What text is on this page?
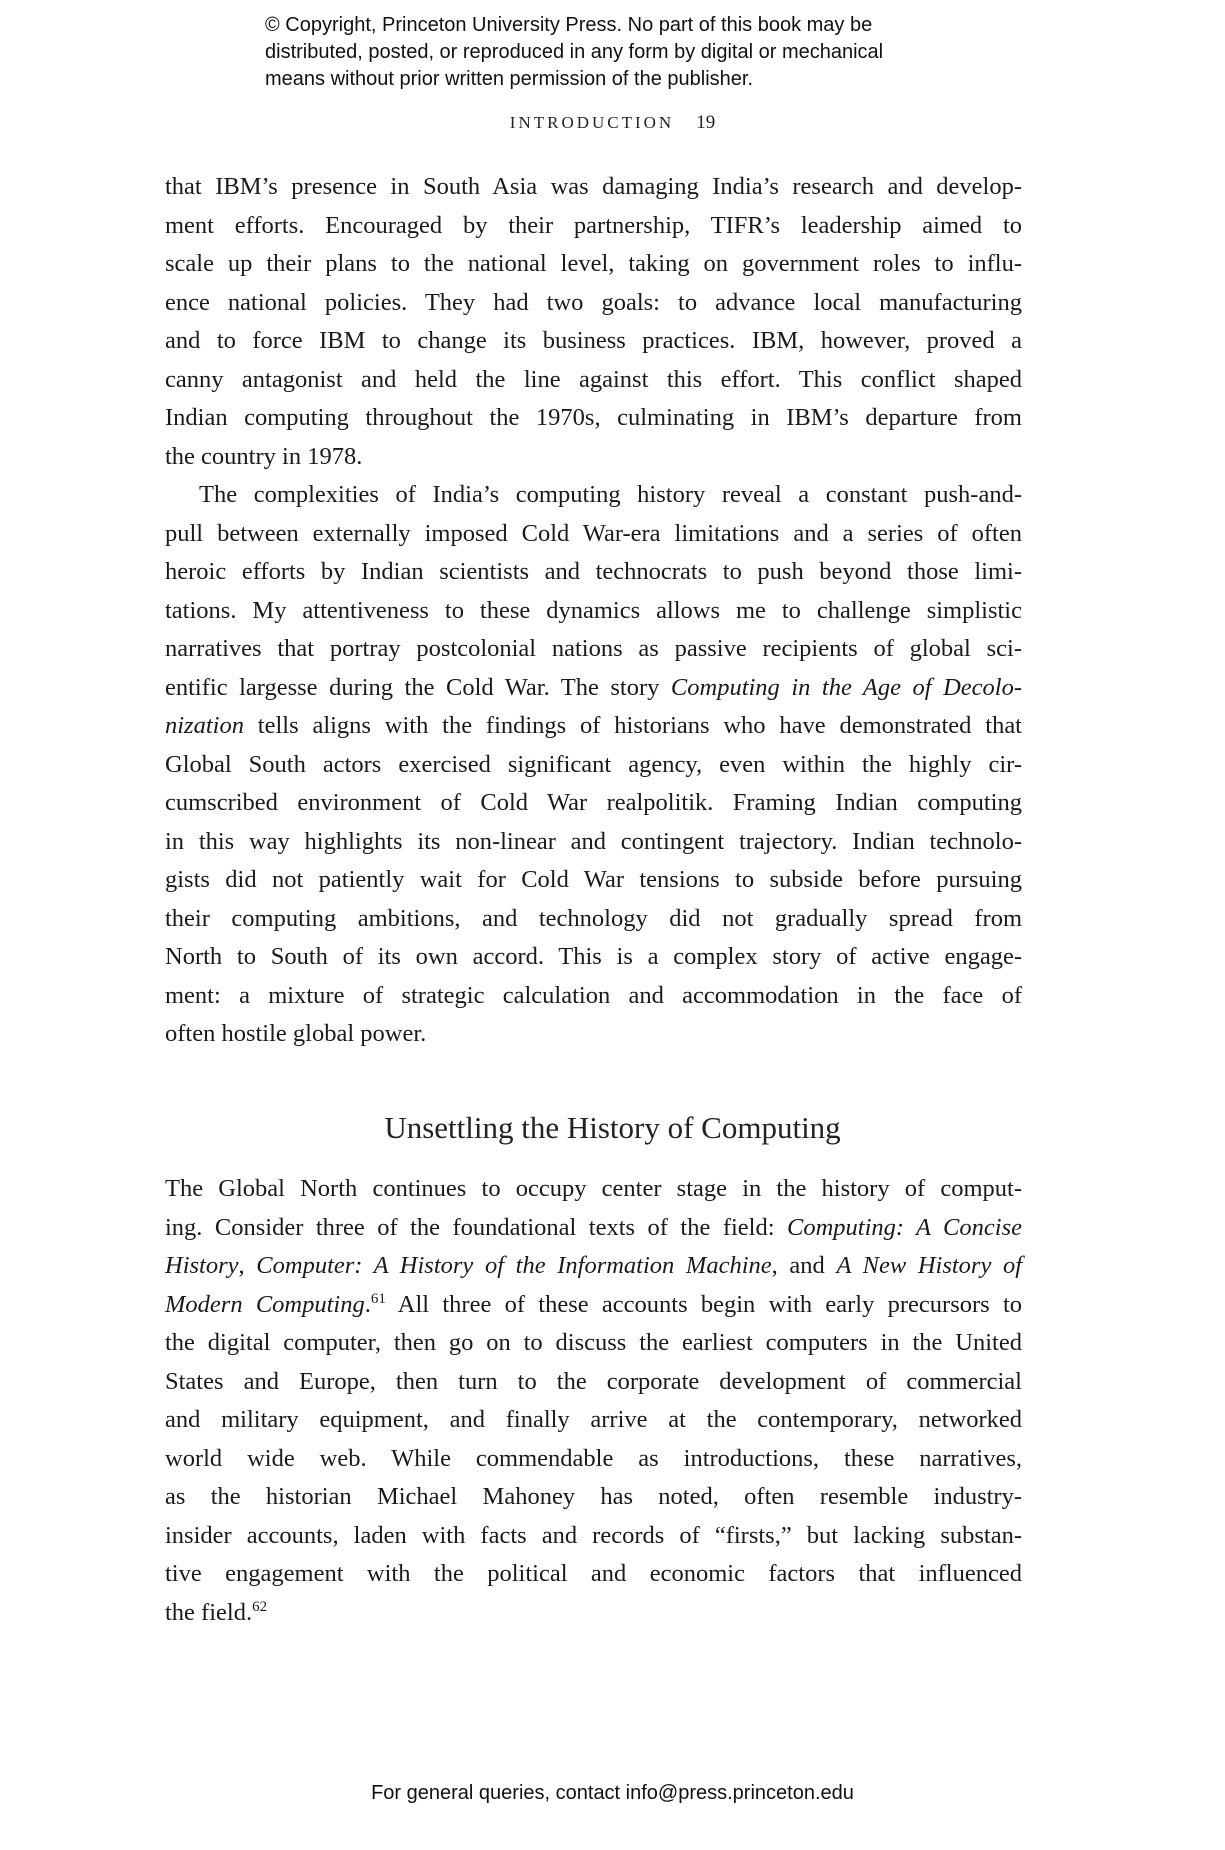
© Copyright, Princeton University Press. No part of this book may be
distributed, posted, or reproduced in any form by digital or mechanical
means without prior written permission of the publisher.
INTRODUCTION 19
that IBM’s presence in South Asia was damaging India’s research and develop-
ment efforts. Encouraged by their partnership, TIFR’s leadership aimed to
scale up their plans to the national level, taking on government roles to influ-
ence national policies. They had two goals: to advance local manufacturing
and to force IBM to change its business practices. IBM, however, proved a
canny antagonist and held the line against this effort. This conflict shaped
Indian computing throughout the 1970s, culminating in IBM’s departure from
the country in 1978.
The complexities of India’s computing history reveal a constant push-and-
pull between externally imposed Cold War-era limitations and a series of often
heroic efforts by Indian scientists and technocrats to push beyond those limi-
tations. My attentiveness to these dynamics allows me to challenge simplistic
narratives that portray postcolonial nations as passive recipients of global sci-
entific largesse during the Cold War. The story Computing in the Age of Decolo-
nization tells aligns with the findings of historians who have demonstrated that
Global South actors exercised significant agency, even within the highly cir-
cumscribed environment of Cold War realpolitik. Framing Indian computing
in this way highlights its non-linear and contingent trajectory. Indian technolo-
gists did not patiently wait for Cold War tensions to subside before pursuing
their computing ambitions, and technology did not gradually spread from
North to South of its own accord. This is a complex story of active engage-
ment: a mixture of strategic calculation and accommodation in the face of
often hostile global power.
Unsettling the History of Computing
The Global North continues to occupy center stage in the history of comput-
ing. Consider three of the foundational texts of the field: Computing: A Concise
History, Computer: A History of the Information Machine, and A New History of
Modern Computing.$^{61}$ All three of these accounts begin with early precursors to
the digital computer, then go on to discuss the earliest computers in the United
States and Europe, then turn to the corporate development of commercial
and military equipment, and finally arrive at the contemporary, networked
world wide web. While commendable as introductions, these narratives,
as the historian Michael Mahoney has noted, often resemble industry-
insider accounts, laden with facts and records of “firsts,” but lacking substan-
tive engagement with the political and economic factors that influenced
the field.$^{62}$
For general queries, contact info@press.princeton.edu
